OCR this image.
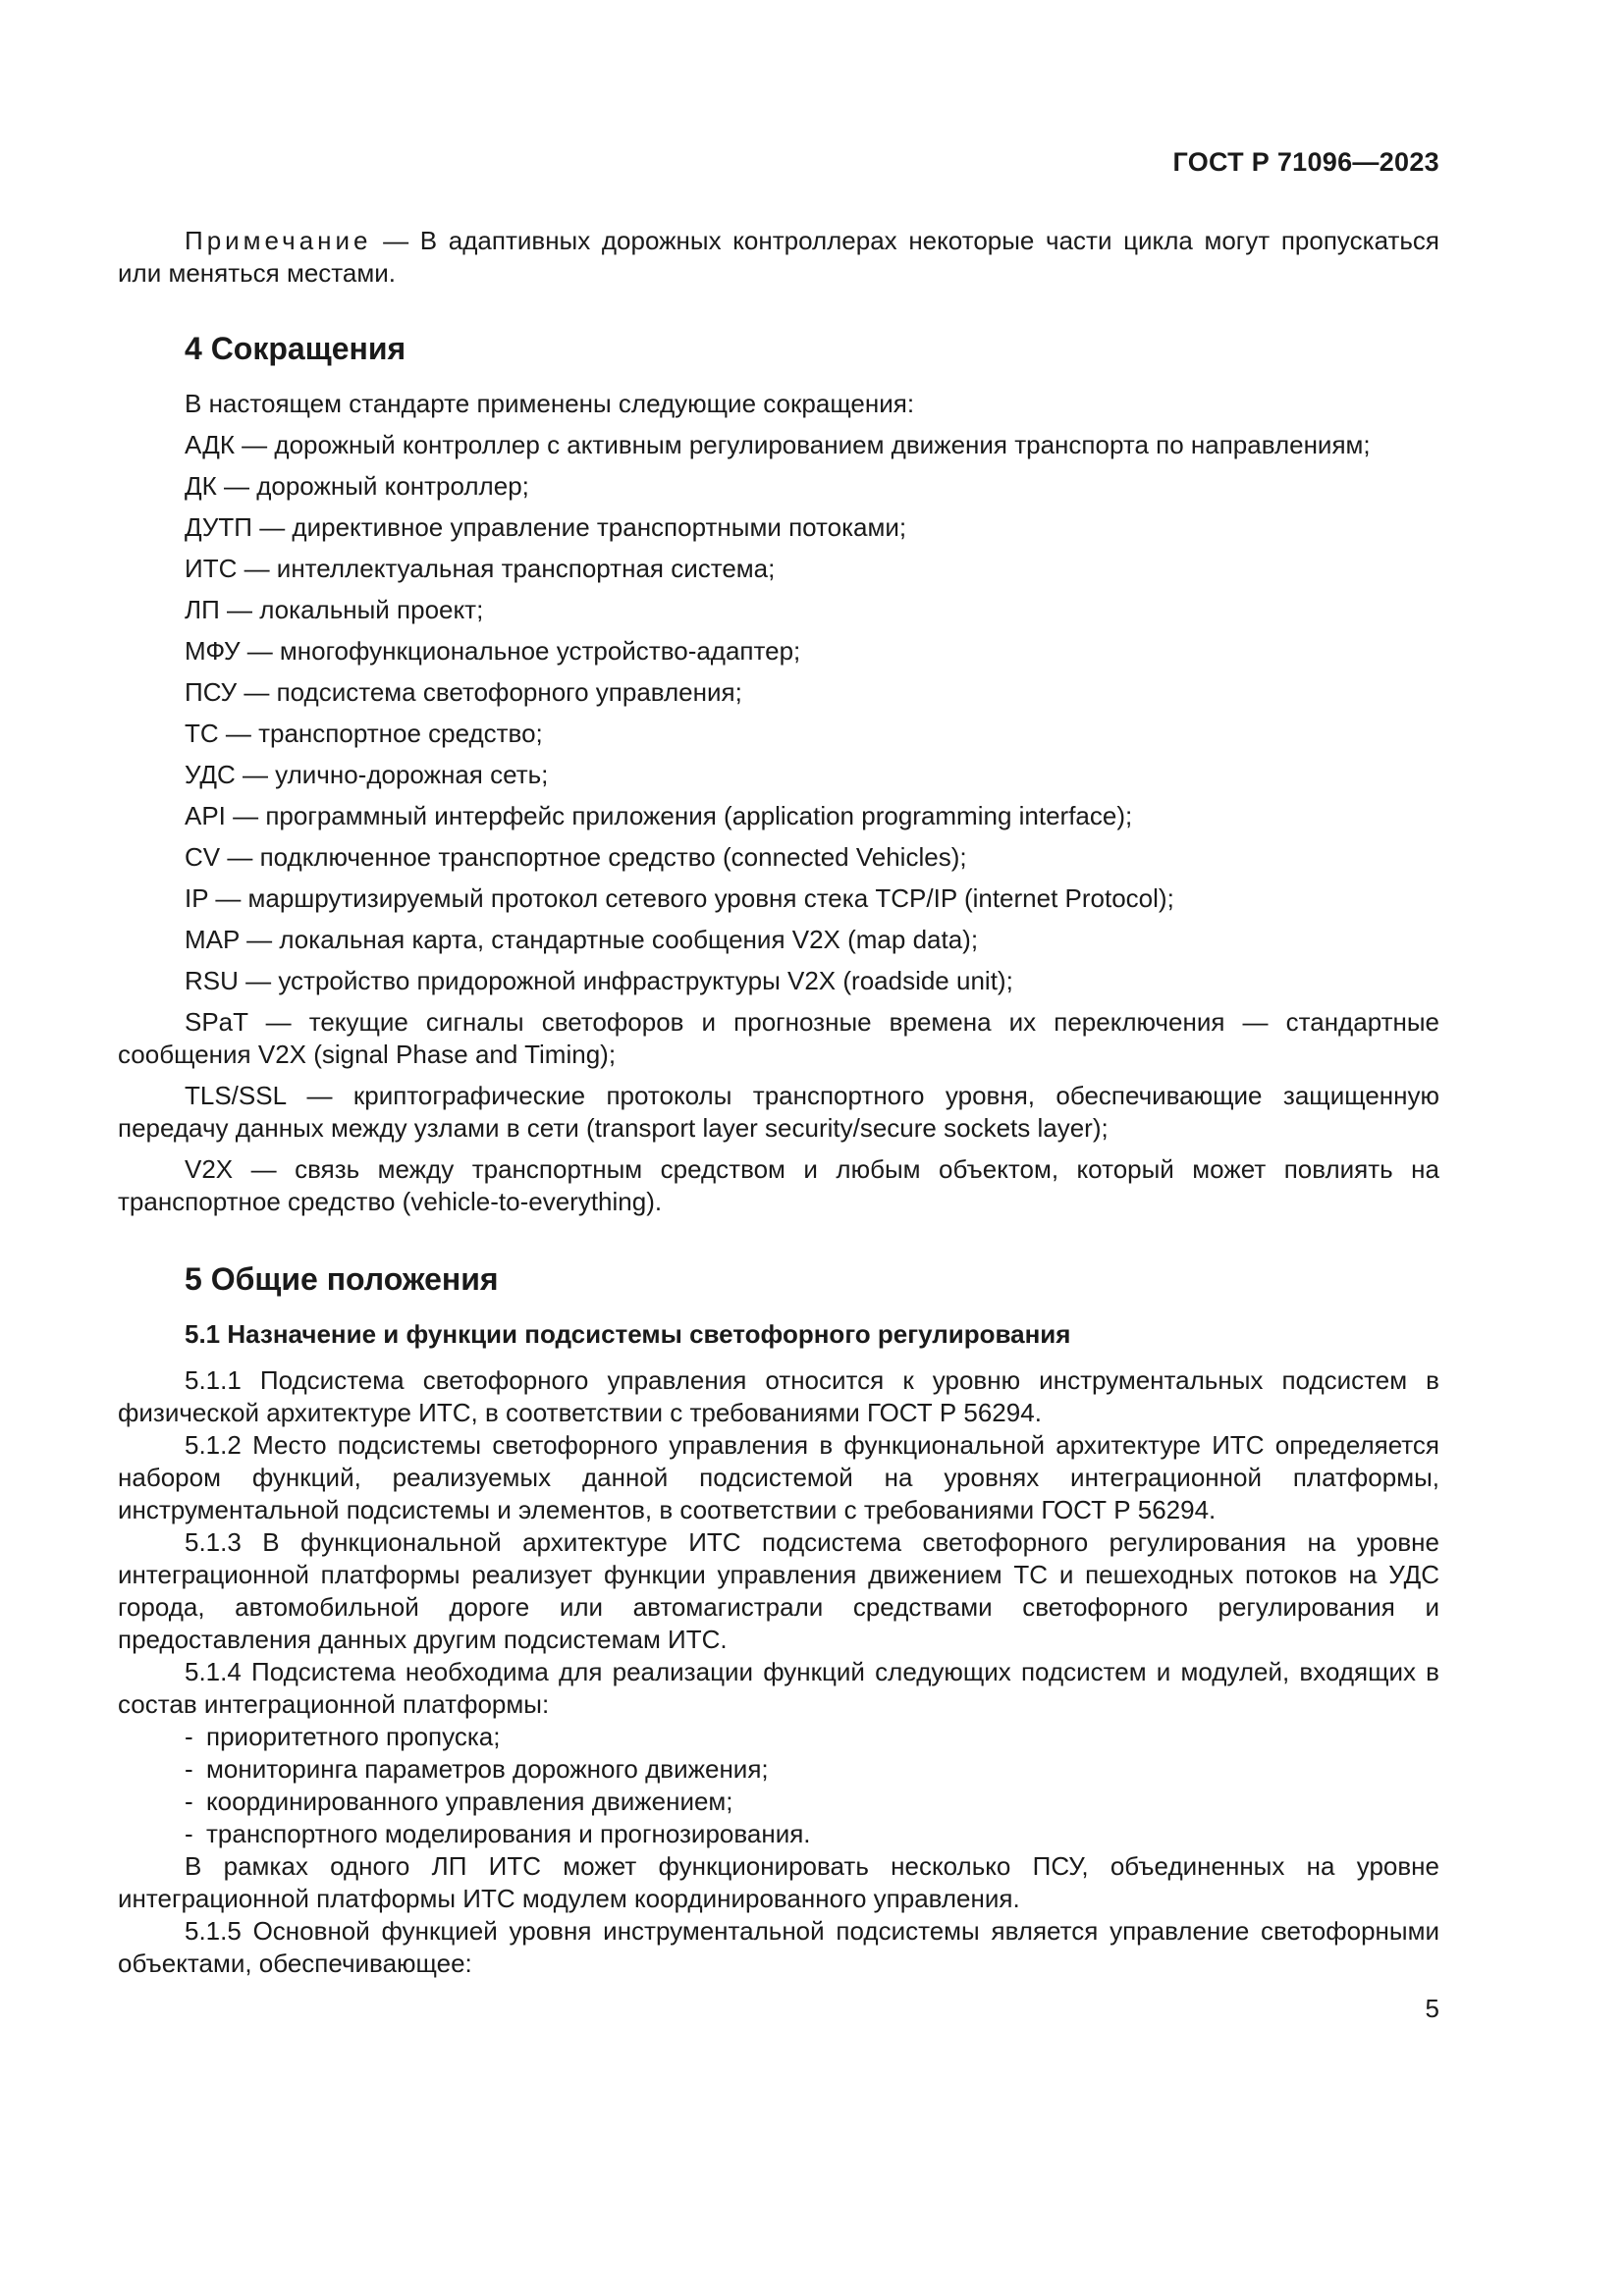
ГОСТ Р 71096—2023

Примечание — В адаптивных дорожных контроллерах некоторые части цикла могут пропускаться или меняться местами.

4 Сокращения

В настоящем стандарте применены следующие сокращения:

АДК — дорожный контроллер с активным регулированием движения транспорта по направлениям;

ДК — дорожный контроллер;

ДУТП — директивное управление транспортными потоками;

ИТС — интеллектуальная транспортная система;

ЛП — локальный проект;

МФУ — многофункциональное устройство-адаптер;

ПСУ — подсистема светофорного управления;

ТС — транспортное средство;

УДС — улично-дорожная сеть;

API — программный интерфейс приложения (application programming interface);

CV — подключенное транспортное средство (connected Vehicles);

IP — маршрутизируемый протокол сетевого уровня стека TCP/IP (internet Protocol);

MAP — локальная карта, стандартные сообщения V2X (map data);

RSU — устройство придорожной инфраструктуры V2X (roadside unit);

SPaT — текущие сигналы светофоров и прогнозные времена их переключения — стандартные сообщения V2X (signal Phase and Timing);

TLS/SSL — криптографические протоколы транспортного уровня, обеспечивающие защищенную передачу данных между узлами в сети (transport layer security/secure sockets layer);

V2X — связь между транспортным средством и любым объектом, который может повлиять на транспортное средство (vehicle-to-everything).

5 Общие положения
5.1 Назначение и функции подсистемы светофорного регулирования

5.1.1 Подсистема светофорного управления относится к уровню инструментальных подсистем в физической архитектуре ИТС, в соответствии с требованиями ГОСТ Р 56294.

5.1.2 Место подсистемы светофорного управления в функциональной архитектуре ИТС определяется набором функций, реализуемых данной подсистемой на уровнях интеграционной платформы, инструментальной подсистемы и элементов, в соответствии с требованиями ГОСТ Р 56294.

5.1.3 В функциональной архитектуре ИТС подсистема светофорного регулирования на уровне интеграционной платформы реализует функции управления движением ТС и пешеходных потоков на УДС города, автомобильной дороге или автомагистрали средствами светофорного регулирования и предоставления данных другим подсистемам ИТС.

5.1.4 Подсистема необходима для реализации функций следующих подсистем и модулей, входящих в состав интеграционной платформы:

- приоритетного пропуска;
- мониторинга параметров дорожного движения;
- координированного управления движением;
- транспортного моделирования и прогнозирования.

В рамках одного ЛП ИТС может функционировать несколько ПСУ, объединенных на уровне интеграционной платформы ИТС модулем координированного управления.

5.1.5 Основной функцией уровня инструментальной подсистемы является управление светофорными объектами, обеспечивающее:

5
